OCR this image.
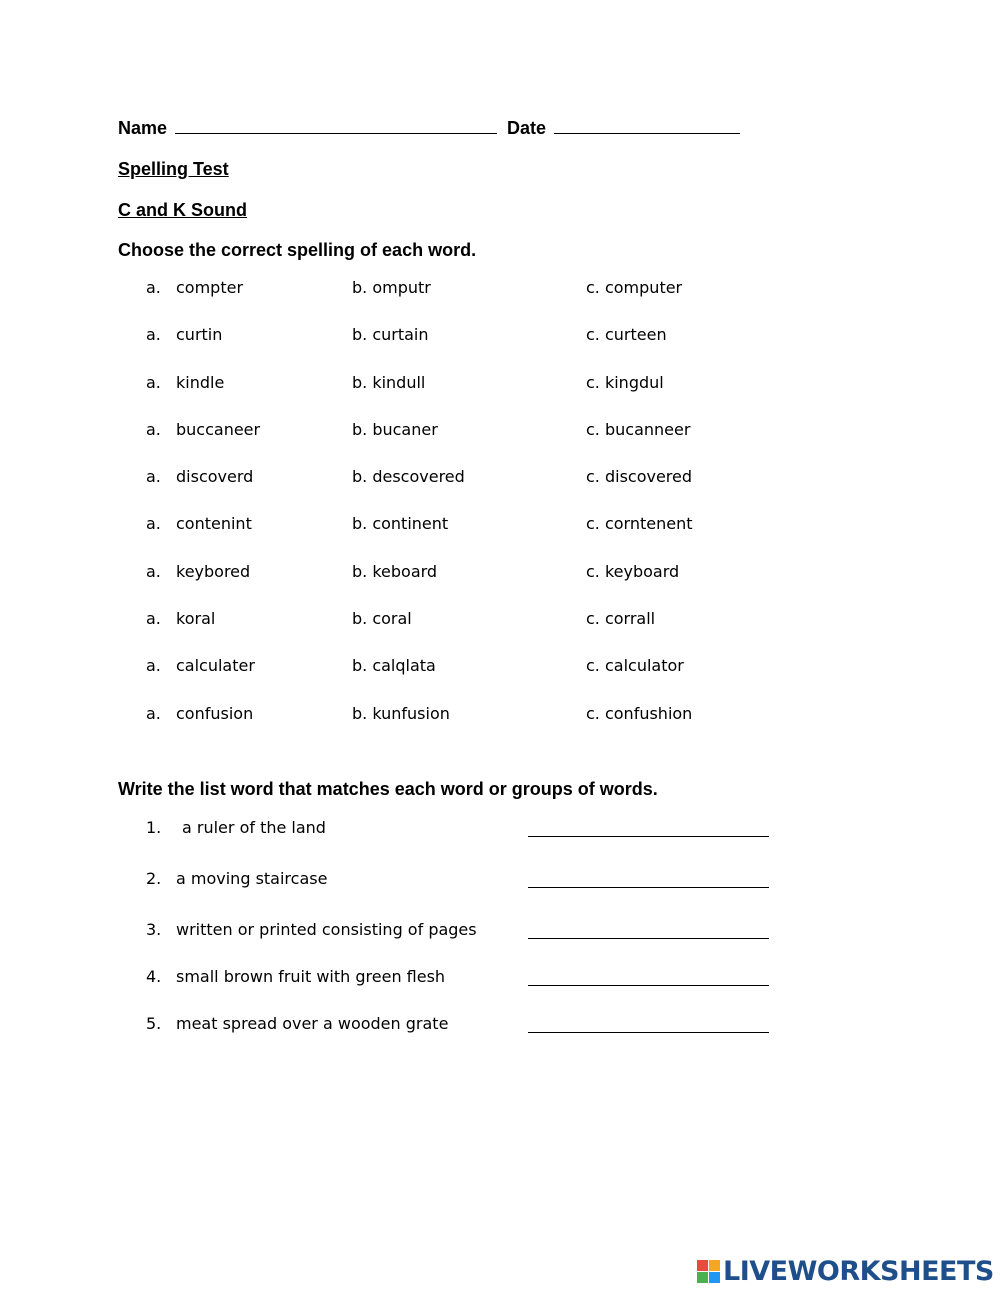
Name	Date
Spelling Test
C and K Sound
Choose the correct spelling of each word.
a. compter	b. omputr	c. computer
a. curtin	b. curtain	c. curteen
a. kindle	b. kindull	c. kingdul
a. buccaneer	b. bucaner	c. bucanneer
a. discoverd	b. descovered	c. discovered
a. contenint	b. continent	c. corntenent
a. keybored	b. keboard	c. keyboard
a. koral	b. coral	c. corrall
a. calculater	b. calqlata	c. calculator
a. confusion	b. kunfusion	c. confushion
Write the list word that matches each word or groups of words.
1. a ruler of the land
2. a moving staircase
3. written or printed consisting of pages
4. small brown fruit with green flesh
5. meat spread over a wooden grate
LIVEWORKSHEETS
